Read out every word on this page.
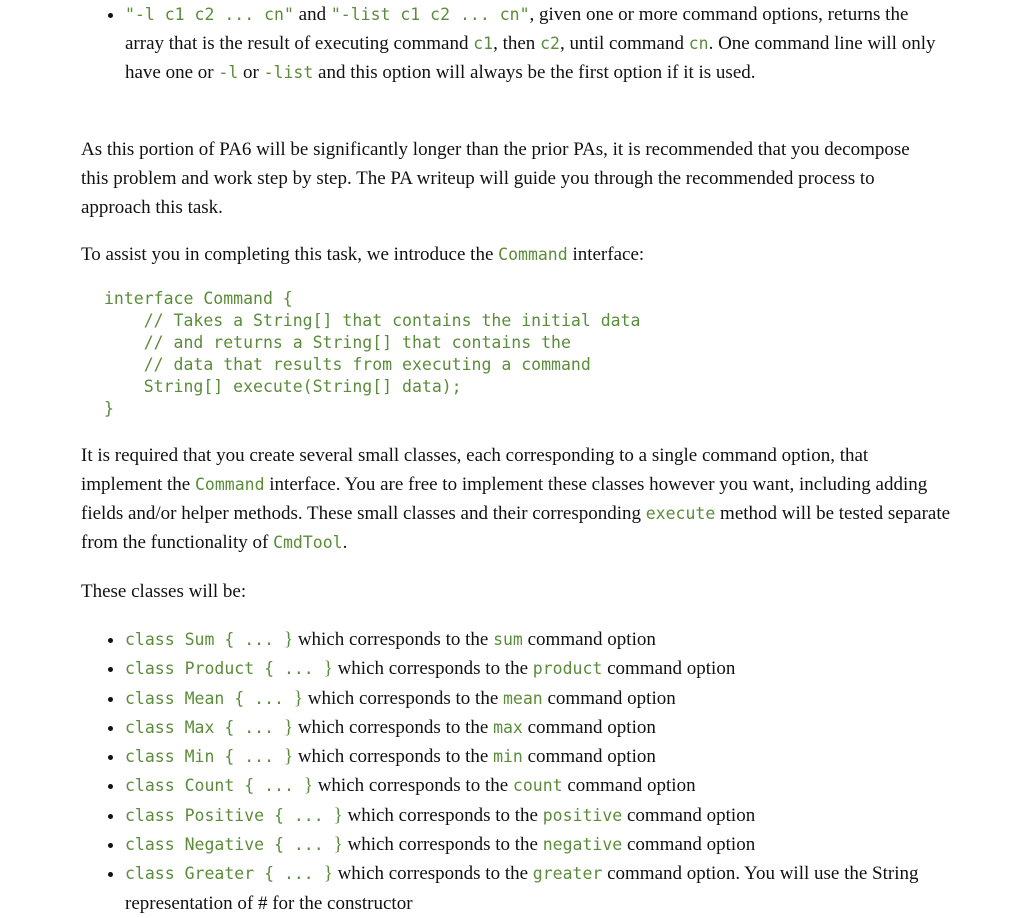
• "-l c1 c2 ... cn" and "-list c1 c2 ... cn", given one or more command options, returns the array that is the result of executing command c1, then c2, until command cn. One command line will only have one or -l or -list and this option will always be the first option if it is used.

As this portion of PA6 will be significantly longer than the prior PAs, it is recommended that you decompose this problem and work step by step. The PA writeup will guide you through the recommended process to approach this task.

To assist you in completing this task, we introduce the Command interface:

interface Command {
// Takes a String[] that contains the initial data
// and returns a String[] that contains the
// data that results from executing a command
String[] execute(String[] data);
}

It is required that you create several small classes, each corresponding to a single command option, that implement the Command interface. You are free to implement these classes however you want, including adding fields and/or helper methods. These small classes and their corresponding execute method will be tested separate from the functionality of CmdTool.

These classes will be:

• class Sum { ... } which corresponds to the sum command option
• class Product { ... } which corresponds to the product command option
• class Mean { ... } which corresponds to the mean command option
• class Max { ... } which corresponds to the max command option
• class Min { ... } which corresponds to the min command option
• class Count { ... } which corresponds to the count command option
• class Positive { ... } which corresponds to the positive command option
• class Negative { ... } which corresponds to the negative command option
• class Greater { ... } which corresponds to the greater command option. You will use the String representation of # for the constructor
